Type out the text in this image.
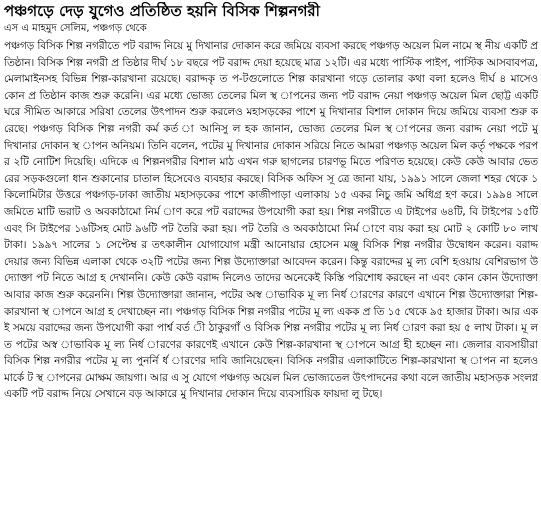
পঞ্চগড়ে দেড় যুগেও প্রতিষ্ঠিত হয়নি বিসিক শিল্পনগরী
এস এ মাহমুদ সেলিম, পঞ্চগড় থেকে

পঞ্চগড় বিসিক শিল্প নগরীতে পট বরাদ্দ নিয়ে মু দিখানার দোকান করে জমিয়ে ব্যবসা করছে পঞ্চগড় অয়েল মিল নামে স্থ নীয় একটি প্র তিষ্ঠান। বিসিক শিল্প নগরী প্র তিষ্ঠার দীর্ঘ ১৮ বছরে পট বরাদ্দ দেয়া হয়েছে মাত্র ১২টি। এর মধ্যে পাস্টিক পাইপ, পাস্টিক আসবাবপত্র, মেলামাইনসহ বিভিন্ন শিল্প-কারখানা রয়েছে। বরাদ্দকৃ ত প-টগুলোতে শিল্প কারখানা গড়ে তোলার কথা বলা হলেও দীর্ঘ ৪ মাসেও কোন প্র তিষ্ঠান কাজ শুরু করেনি। এর মধ্যে ভোজ্য তেলের মিল স্থ াপনের জন্য পট বরাদ্দ নেয়া পঞ্চগড় অয়েল মিল ছোট্ট একটি ঘরে সীমিত আকারে সরিষা তেলের উৎপাদন শুরু করলেও মহাসড়কের পাশে মু দিখানার বিশাল দোকান দিয়ে জমিয়ে ব্যবসা শুরু করেছে। পঞ্চগড় বিসিক শিল্প নগরী কর্ম কর্ত া আনিসু ল হক জানান, ভোজ্য তেলের মিল স্থ াপনের জন্য বরাদ্দ নেয়া পটে মু দিখানার দোকান স্থ াপন অনিয়ম। তিনি বলেন, পটের মু দিখানার দোকান সরিয়ে নিতে আমরা পঞ্চগড় অয়েল মিল কর্তৃ পক্ষকে পরপর ২টি নোটিশ দিয়েছি। এদিকে এ শিল্পনগরীর বিশাল মাঠ এখন গরু ছাগলের চারণভূ মিতে পরিণত হয়েছে। কেউ কেউ আবার ভেতরের সড়কগুলো ধান শুকানোর চাতাল হিসেবেও ব্যবহার করছে। বিসিক অফিস সূ ত্রে জানা যায়, ১৯৯১ সালে জেলা শহর থেকে ১ কিলোমিটার উত্তরে পঞ্চগড়-ঢাকা জাতীয় মহাসড়কের পাশে কাজীপাড়া এলাকায় ১৫ একর নিচু জমি অধিগ্র হণ করে। ১৯৯৪ সালে জমিতে মাটি ভরাট ও অবকাঠামো নির্ম াণ করে পট বরাদ্দের উপযোগী করা হয়। শিল্প নগরীতে এ টাইপের ৬৪টি, বি টাইপের ১৫টি এবং সি টাইপের ১৬টিসহ মোট ৯৬টি পট তৈরি করা হয়। পট তৈরি ও অবকাঠামো নির্ম াণে ব্যয় করা হয় মোট ২ কোটি ৮০ লাখ টাকা। ১৯৯৭ সালের ১ সেপ্টেম্ব র তৎকালীন যোগাযোগ মন্ত্রী আনোয়ার হোসেন মঞ্জু বিসিক শিল্প নগরীর উদ্বোধন করেন। বরাদ্দ দেয়ার জন্য বিভিন্ন এলাকা থেকে ৩২টি পটের জন্য শিল্প উদ্যোক্তারা আবেদন করেন। কিন্তু বরাদ্দের মু ল্য বেশি হওয়ায় বেশিরভাগ উদ্যোক্তা পট নিতে আগ্র হ দেখাননি। কেউ কেউ বরাদ্দ নিলেও তাদের অনেকেই কিস্তি পরিশোধ করছেন না এবং কোন কোন উদ্যোক্তা আবার কাজ শুরু করেননি। শিল্প উদ্যোক্তারা জানান, পটের অস্ব াভাবিক মূ ল্য নির্ধ ারণের কারণে এখানে শিল্প উদ্যোক্তারা শিল্প-কারখানা স্থ াপনে আগ্র হ দেখাচ্ছেন না। পঞ্চগড় বিসিক শিল্প নগরীর পটের মূ ল্য একক প্র তি ১৫ থেকে ৯৫ হাজার টাকা। আর একই সময়ে বরাদ্দের জন্য উপযোগী করা পার্শ্ব বর্ত ী ঠাকুরগাঁ ও বিসিক শিল্প নগরীর পটের মূ ল্য নির্ধ ারণ করা হয় ৫ লাখ টাকা। মূ লত পটের অস্ব াভাবিক মূ ল্য নির্ধ ারণের কারণেই এখানে কেউ শিল্প-কারখানা স্থ াপনে আগ্র হী হচ্ছেন না। জেলার ব্যবসায়ীরা বিসিক শিল্প নগরীর পটের মূ ল্য পুনর্নি র্ধ ারণের দাবি জানিয়েছেন। বিসিক নগরীর এলাকাটিতে শিল্প-কারখানা স্থ াপন না হলেও মার্কে ট স্থ াপনের মোক্ষম জায়গা। আর এ সু যোগে পঞ্চগড় অয়েল মিল ভোজ্যতেল উৎপাদনের কথা বলে জাতীয় মহাসড়ক সংলগ্ন একটি পট বরাদ্দ নিয়ে সেখানে বড় আকারে মু দিখানার দোকান দিয়ে ব্যবসায়িক ফায়দা লু টছে।
